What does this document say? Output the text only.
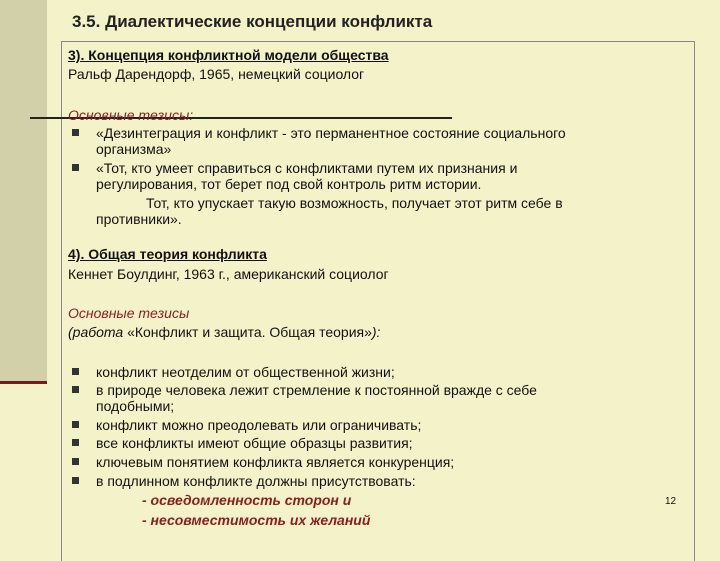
3.5. Диалектические концепции конфликта
3). Концепция конфликтной модели общества
Ральф Дарендорф, 1965, немецкий социолог
Основные тезисы:
«Дезинтеграция и конфликт - это перманентное состояние социального
организма»
«Тот, кто умеет справиться с конфликтами путем их признания и
регулирования, тот берет под свой контроль ритм истории.
Тот, кто упускает такую возможность, получает этот ритм себе в
противники».
4). Общая теория конфликта
Кеннет Боулдинг, 1963 г., американский социолог
Основные тезисы
(работа «Конфликт и защита. Общая теория»):
конфликт неотделим от общественной жизни;
в природе человека лежит стремление к постоянной вражде с себе
подобными;
конфликт можно преодолевать или ограничивать;
все конфликты имеют общие образцы развития;
ключевым понятием конфликта является конкуренция;
в подлинном конфликте должны присутствовать:
- осведомленность сторон и
- несовместимость их желаний
12
